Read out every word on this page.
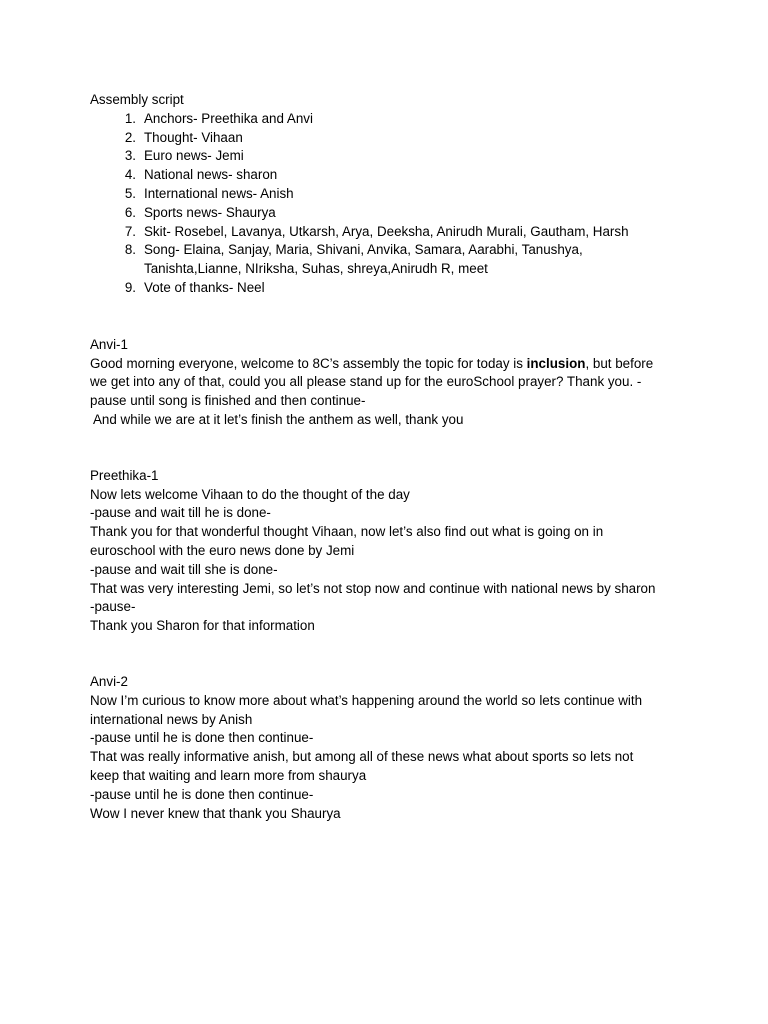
Assembly script
1. Anchors- Preethika and Anvi
2. Thought- Vihaan
3. Euro news- Jemi
4. National news- sharon
5. International news- Anish
6. Sports news- Shaurya
7. Skit- Rosebel, Lavanya, Utkarsh, Arya, Deeksha, Anirudh Murali, Gautham, Harsh
8. Song- Elaina, Sanjay, Maria, Shivani, Anvika, Samara, Aarabhi, Tanushya,
Tanishta,Lianne, NIriksha, Suhas, shreya,Anirudh R, meet
9. Vote of thanks- Neel
Anvi-1
Good morning everyone, welcome to 8C’s assembly the topic for today is inclusion, but before
we get into any of that, could you all please stand up for the euroSchool prayer? Thank you. -
pause until song is finished and then continue-
And while we are at it let’s finish the anthem as well, thank you
Preethika-1
Now lets welcome Vihaan to do the thought of the day
-pause and wait till he is done-
Thank you for that wonderful thought Vihaan, now let’s also find out what is going on in
euroschool with the euro news done by Jemi
-pause and wait till she is done-
That was very interesting Jemi, so let’s not stop now and continue with national news by sharon
-pause-
Thank you Sharon for that information
Anvi-2
Now I’m curious to know more about what’s happening around the world so lets continue with
international news by Anish
-pause until he is done then continue-
That was really informative anish, but among all of these news what about sports so lets not
keep that waiting and learn more from shaurya
-pause until he is done then continue-
Wow I never knew that thank you Shaurya
